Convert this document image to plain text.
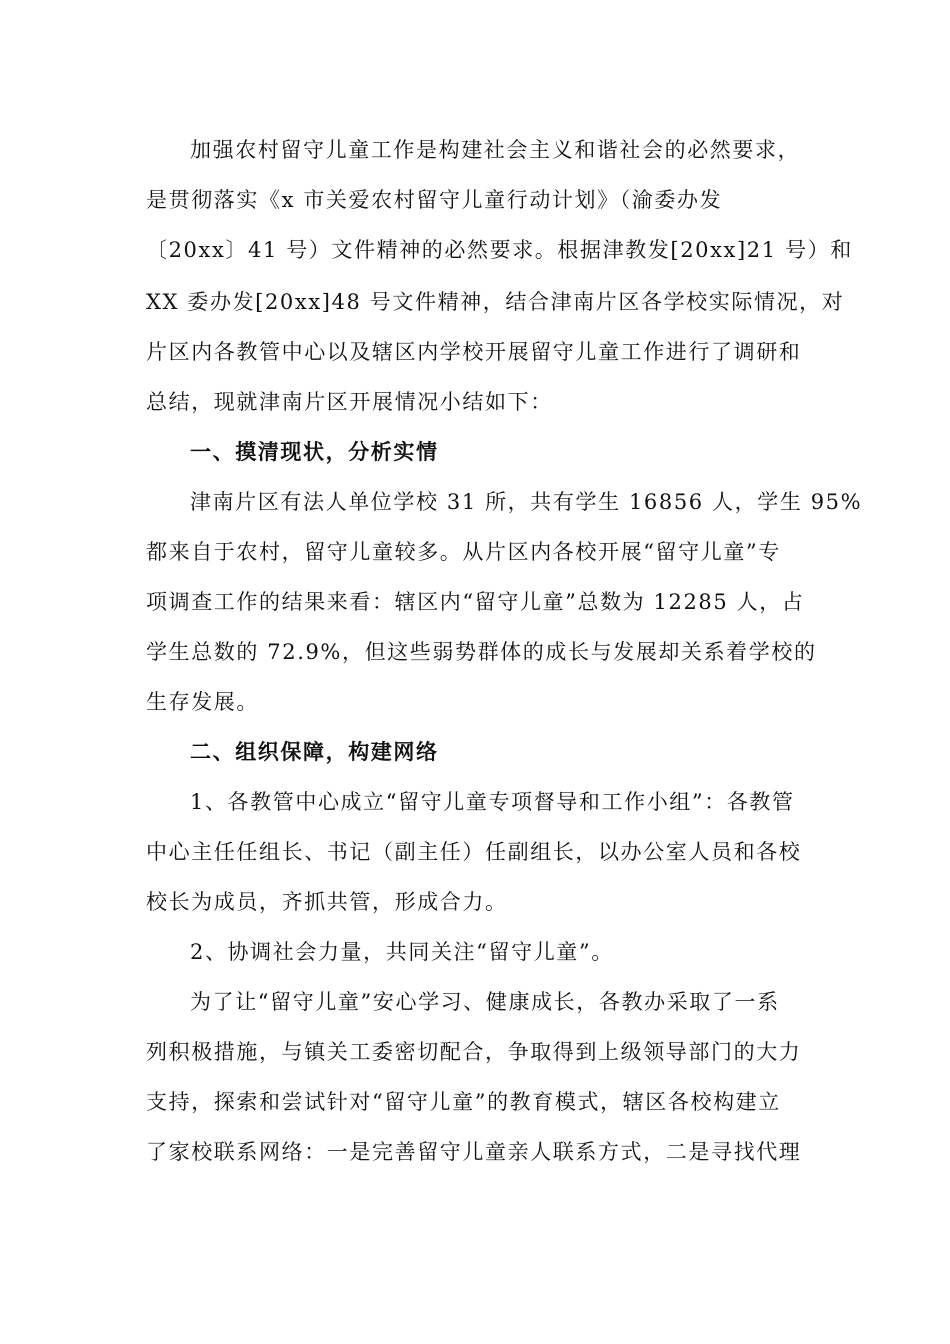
加强农村留守儿童工作是构建社会主义和谐社会的必然要求，
是贯彻落实《x 市关爱农村留守儿童行动计划》（渝委办发
〔20xx〕41 号）文件精神的必然要求。根据津教发[20xx]21 号）和
XX 委办发[20xx]48 号文件精神，结合津南片区各学校实际情况，对
片区内各教管中心以及辖区内学校开展留守儿童工作进行了调研和
总结，现就津南片区开展情况小结如下：
一、摸清现状，分析实情
津南片区有法人单位学校 31 所，共有学生 16856 人，学生 95%
都来自于农村，留守儿童较多。从片区内各校开展“留守儿童”专
项调查工作的结果来看：辖区内“留守儿童”总数为 12285 人，占
学生总数的 72.9%，但这些弱势群体的成长与发展却关系着学校的
生存发展。
二、组织保障，构建网络
1、各教管中心成立“留守儿童专项督导和工作小组”：各教管
中心主任任组长、书记（副主任）任副组长，以办公室人员和各校
校长为成员，齐抓共管，形成合力。
2、协调社会力量，共同关注“留守儿童”。
为了让“留守儿童”安心学习、健康成长，各教办采取了一系
列积极措施，与镇关工委密切配合，争取得到上级领导部门的大力
支持，探索和尝试针对“留守儿童”的教育模式，辖区各校构建立
了家校联系网络：一是完善留守儿童亲人联系方式，二是寻找代理
